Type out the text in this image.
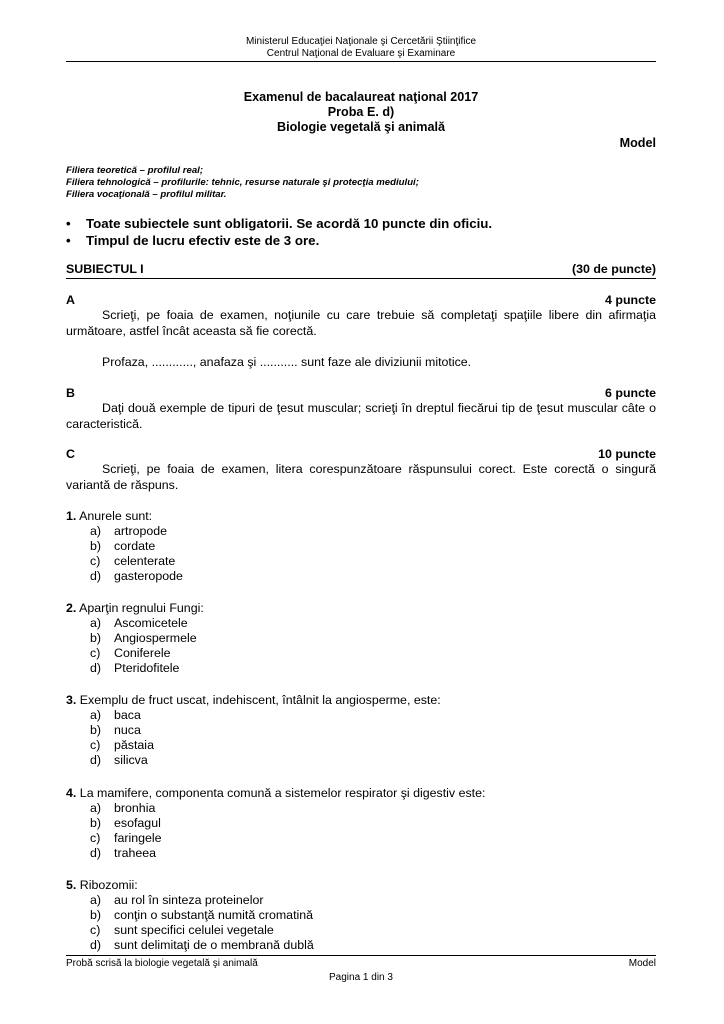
Ministerul Educaţiei Naţionale şi Cercetării Ştiinţifice
Centrul Naţional de Evaluare şi Examinare
Examenul de bacalaureat naţional 2017
Proba E. d)
Biologie vegetală şi animală
Model
Filiera teoretică – profilul real;
Filiera tehnologică – profilurile: tehnic, resurse naturale şi protecţia mediului;
Filiera vocaţională – profilul militar.
• Toate subiectele sunt obligatorii. Se acordă 10 puncte din oficiu.
• Timpul de lucru efectiv este de 3 ore.
SUBIECTUL I	(30 de puncte)
A	4 puncte
Scrieţi, pe foaia de examen, noţiunile cu care trebuie să completaţi spaţiile libere din afirmaţia următoare, astfel încât aceasta să fie corectă.
Profaza, ............, anafaza şi ........... sunt faze ale diviziunii mitotice.
B	6 puncte
Daţi două exemple de tipuri de ţesut muscular; scrieţi în dreptul fiecărui tip de ţesut muscular câte o caracteristică.
C	10 puncte
Scrieţi, pe foaia de examen, litera corespunzătoare răspunsului corect. Este corectă o singură variantă de răspuns.
1. Anurele sunt:
a) artropode
b) cordate
c) celenterate
d) gasteropode
2. Aparţin regnului Fungi:
a) Ascomicetele
b) Angiospermele
c) Coniferele
d) Pteridofitele
3. Exemplu de fruct uscat, indehiscent, întâlnit la angiosperme, este:
a) baca
b) nuca
c) păstaia
d) silicva
4. La mamifere, componenta comună a sistemelor respirator şi digestiv este:
a) bronhia
b) esofagul
c) faringele
d) traheea
5. Ribozomii:
a) au rol în sinteza proteinelor
b) conţin o substanţă numită cromatină
c) sunt specifici celulei vegetale
d) sunt delimitaţi de o membrană dublă
Probă scrisă la biologie vegetală şi animală	Model
Pagina 1 din 3
